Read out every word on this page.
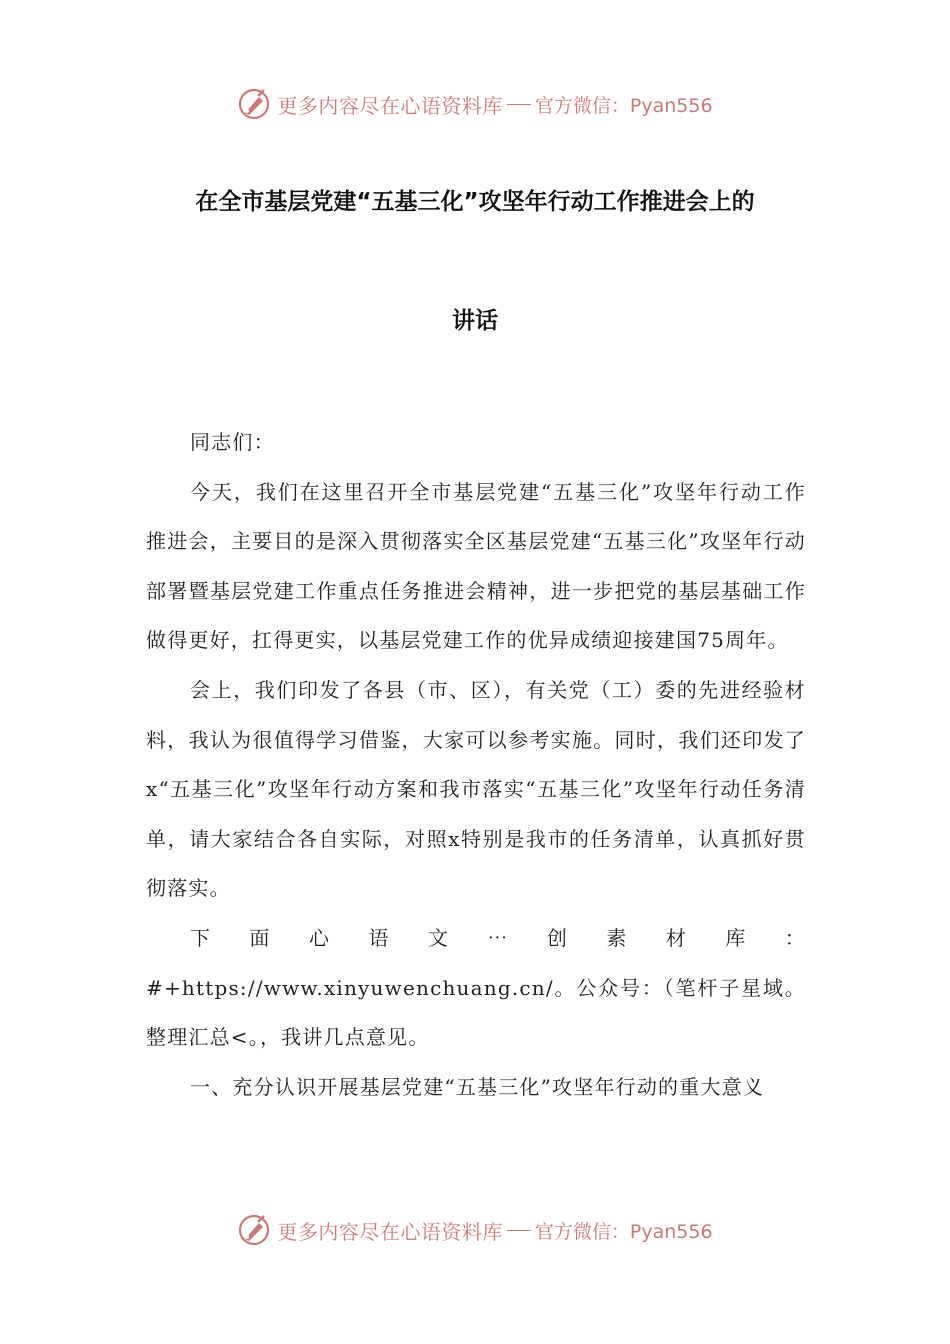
更多内容尽在心语资料库 官方微信：Pyan556
在全市基层党建“五基三化”攻坚年行动工作推进会上的
讲话

同志们：

今天，我们在这里召开全市基层党建“五基三化”攻坚年行动工作推进会，主要目的是深入贯彻落实全区基层党建“五基三化”攻坚年行动部署暨基层党建工作重点任务推进会精神，进一步把党的基层基础工作做得更好，扛得更实，以基层党建工作的优异成绩迎接建国75周年。

会上，我们印发了各县（市、区），有关党（工）委的先进经验材料，我认为很值得学习借鉴，大家可以参考实施。同时，我们还印发了x“五基三化”攻坚年行动方案和我市落实“五基三化”攻坚年行动任务清单，请大家结合各自实际，对照x特别是我市的任务清单，认真抓好贯彻落实。

下面心语文⋯创素材库：#+https://www.xinyuwenchuang.cn/。公众号：（笔杆子星域。整理汇总<。，我讲几点意见。

一、充分认识开展基层党建“五基三化”攻坚年行动的重大意义

更多内容尽在心语资料库 官方微信：Pyan556
